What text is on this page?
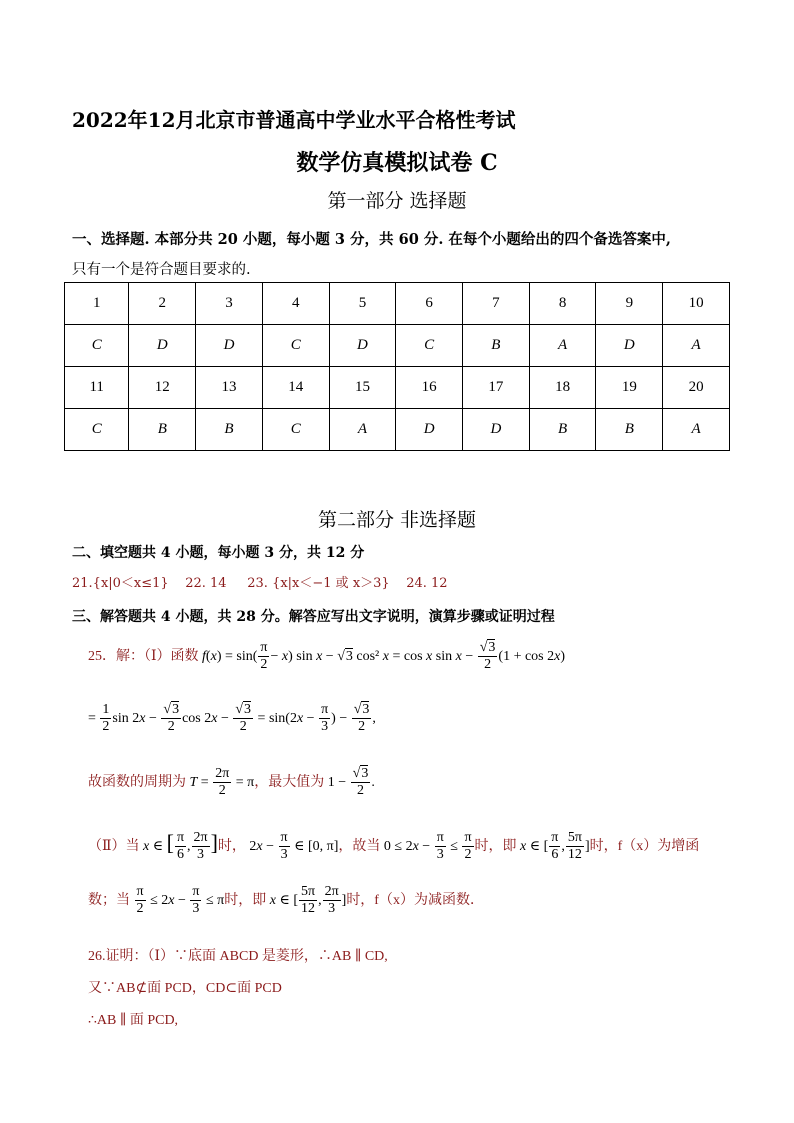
2022年12月北京市普通高中学业水平合格性考试
数学仿真模拟试卷 C
第一部分 选择题
一、选择题. 本部分共 20 小题，每小题 3 分，共 60 分. 在每个小题给出的四个备选答案中,
只有一个是符合题目要求的.
1	2	3	4	5	6	7	8	9	10
C	D	D	C	D	C	B	A	D	A
11	12	13	14	15	16	17	18	19	20
C	B	B	C	A	D	D	B	B	A
第二部分 非选择题
二、填空题共 4 小题，每小题 3 分，共 12 分
21.{x|0＜x≤1} 22. 14 23. {x|x＜−1 或 x＞3} 24. 12
三、解答题共 4 小题，共 28 分。解答应写出文字说明，演算步骤或证明过程
25．解：（Ⅰ）函数 $f(x) = \sin( \frac{\pi}{2} - x)$ sin x − √3 cos² x = cos x $\sin x - \frac{√3}{2} (1 + \cos 2x)$
= $\frac{1}{2}$ $\sin 2x - \frac{√3}{2}$ $\cos 2x - \frac{√3}{2} = \sin(2x - \frac{\pi}{3}$ ) − $\frac{√3}{2}$ ,
故函数的周期为 $T = \frac{2\pi}{2} = \pi$，最大值为 $1 - \frac{√3}{2}$ .
（Ⅱ）当 x ∈ [ $\frac{\pi}{6}$ , $\frac{2\pi}{3}$ ]时， $2x - \frac{\pi}{3}$ ∈ [0, π]，故当 $0 \le 2x - \frac{\pi}{3} \le \frac{\pi}{2}$ 时，即 x ∈ [ $\frac{\pi}{6}$ , $\frac{5\pi}{12}$ ]时，f（x）为增函
数；当 $\frac{\pi}{2} \le 2x - \frac{\pi}{3} \le \pi$时，即 x ∈ [ $\frac{5\pi}{12}$ , $\frac{2\pi}{3}$ ]时，f（x）为减函数．
26.证明：（Ⅰ）∵底面 ABCD 是菱形，∴AB ∥ CD,
又∵AB⊄面 PCD，CD⊂面 PCD
∴AB ∥ 面 PCD,
